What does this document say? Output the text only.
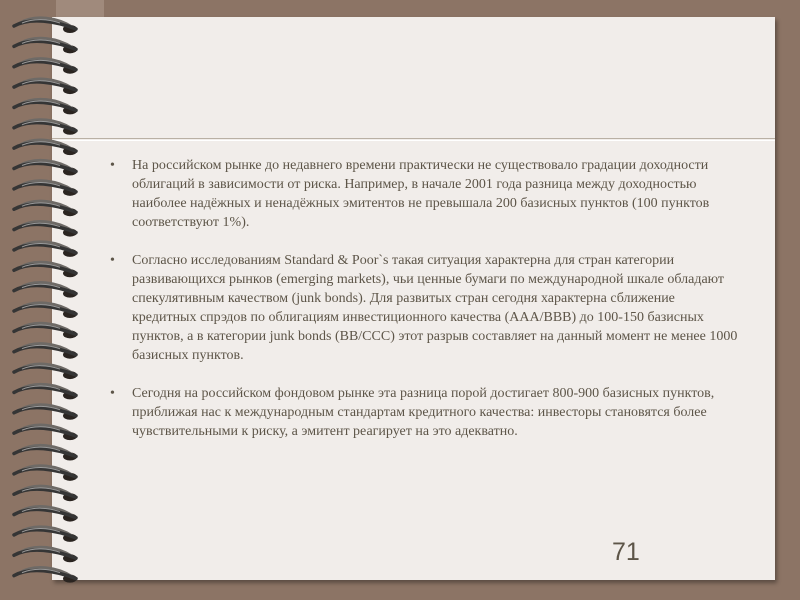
•	На российском рынке до недавнего времени практически не существовало градации доходности облигаций в зависимости от риска. Например, в начале 2001 года разница между доходностью наиболее надёжных и ненадёжных эмитентов не превышала 200 базисных пунктов (100 пунктов соответствуют 1%).
•	Согласно исследованиям Standard & Poor`s такая ситуация характерна для стран категории развивающихся рынков (emerging markets), чьи ценные бумаги по международной шкале обладают спекулятивным качеством (junk bonds). Для развитых стран сегодня характерна сближение кредитных спрэдов по облигациям инвестиционного качества (AAA/BBB) до 100-150 базисных пунктов, а в категории junk bonds (BB/CCC) этот разрыв составляет на данный момент не менее 1000 базисных пунктов.
•	Сегодня на российском фондовом рынке эта разница порой достигает 800-900 базисных пунктов, приближая нас к международным стандартам кредитного качества: инвесторы становятся более чувствительными к риску, а эмитент реагирует на это адекватно.
71
